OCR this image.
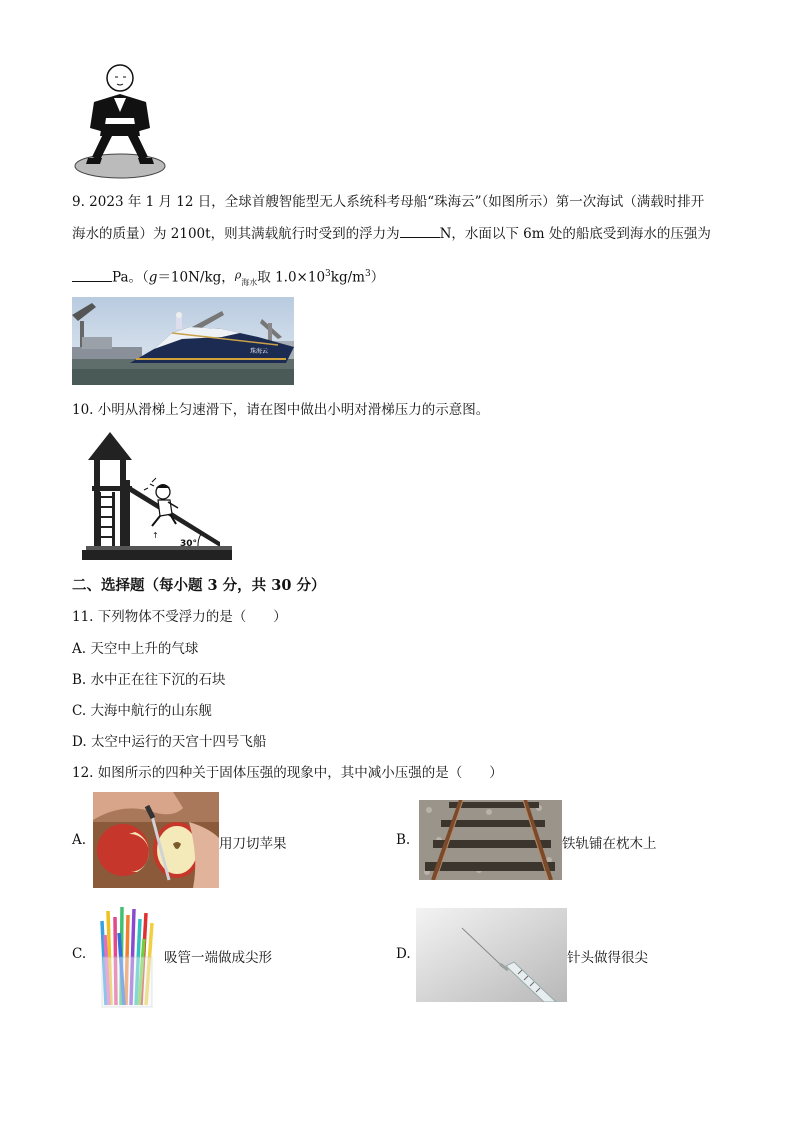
9. 2023 年 1 月 12 日，全球首艘智能型无人系统科考母船“珠海云”（如图所示）第一次海试（满载时排开
海水的质量）为 2100t，则其满载航行时受到的浮力为	N，水面以下 6m 处的船底受到海水的压强为
Pa。（g＝10N/kg，$^\rho_{海水}$取 $1.0\times 10^3kg/m^3$）
珠海云
10. 小明从滑梯上匀速滑下，请在图中做出小明对滑梯压力的示意图。
30°
↑
二、选择题（每小题 3 分，共 30 分）
11. 下列物体不受浮力的是（　　）
A. 天空中上升的气球
B. 水中正在往下沉的石块
C. 大海中航行的山东舰
D. 太空中运行的天宫十四号飞船
12. 如图所示的四种关于固体压强的现象中，其中减小压强的是（　　）
A.	用刀切苹果	B.	铁轨铺在枕木上
C.	吸管一端做成尖形	D.	针头做得很尖
